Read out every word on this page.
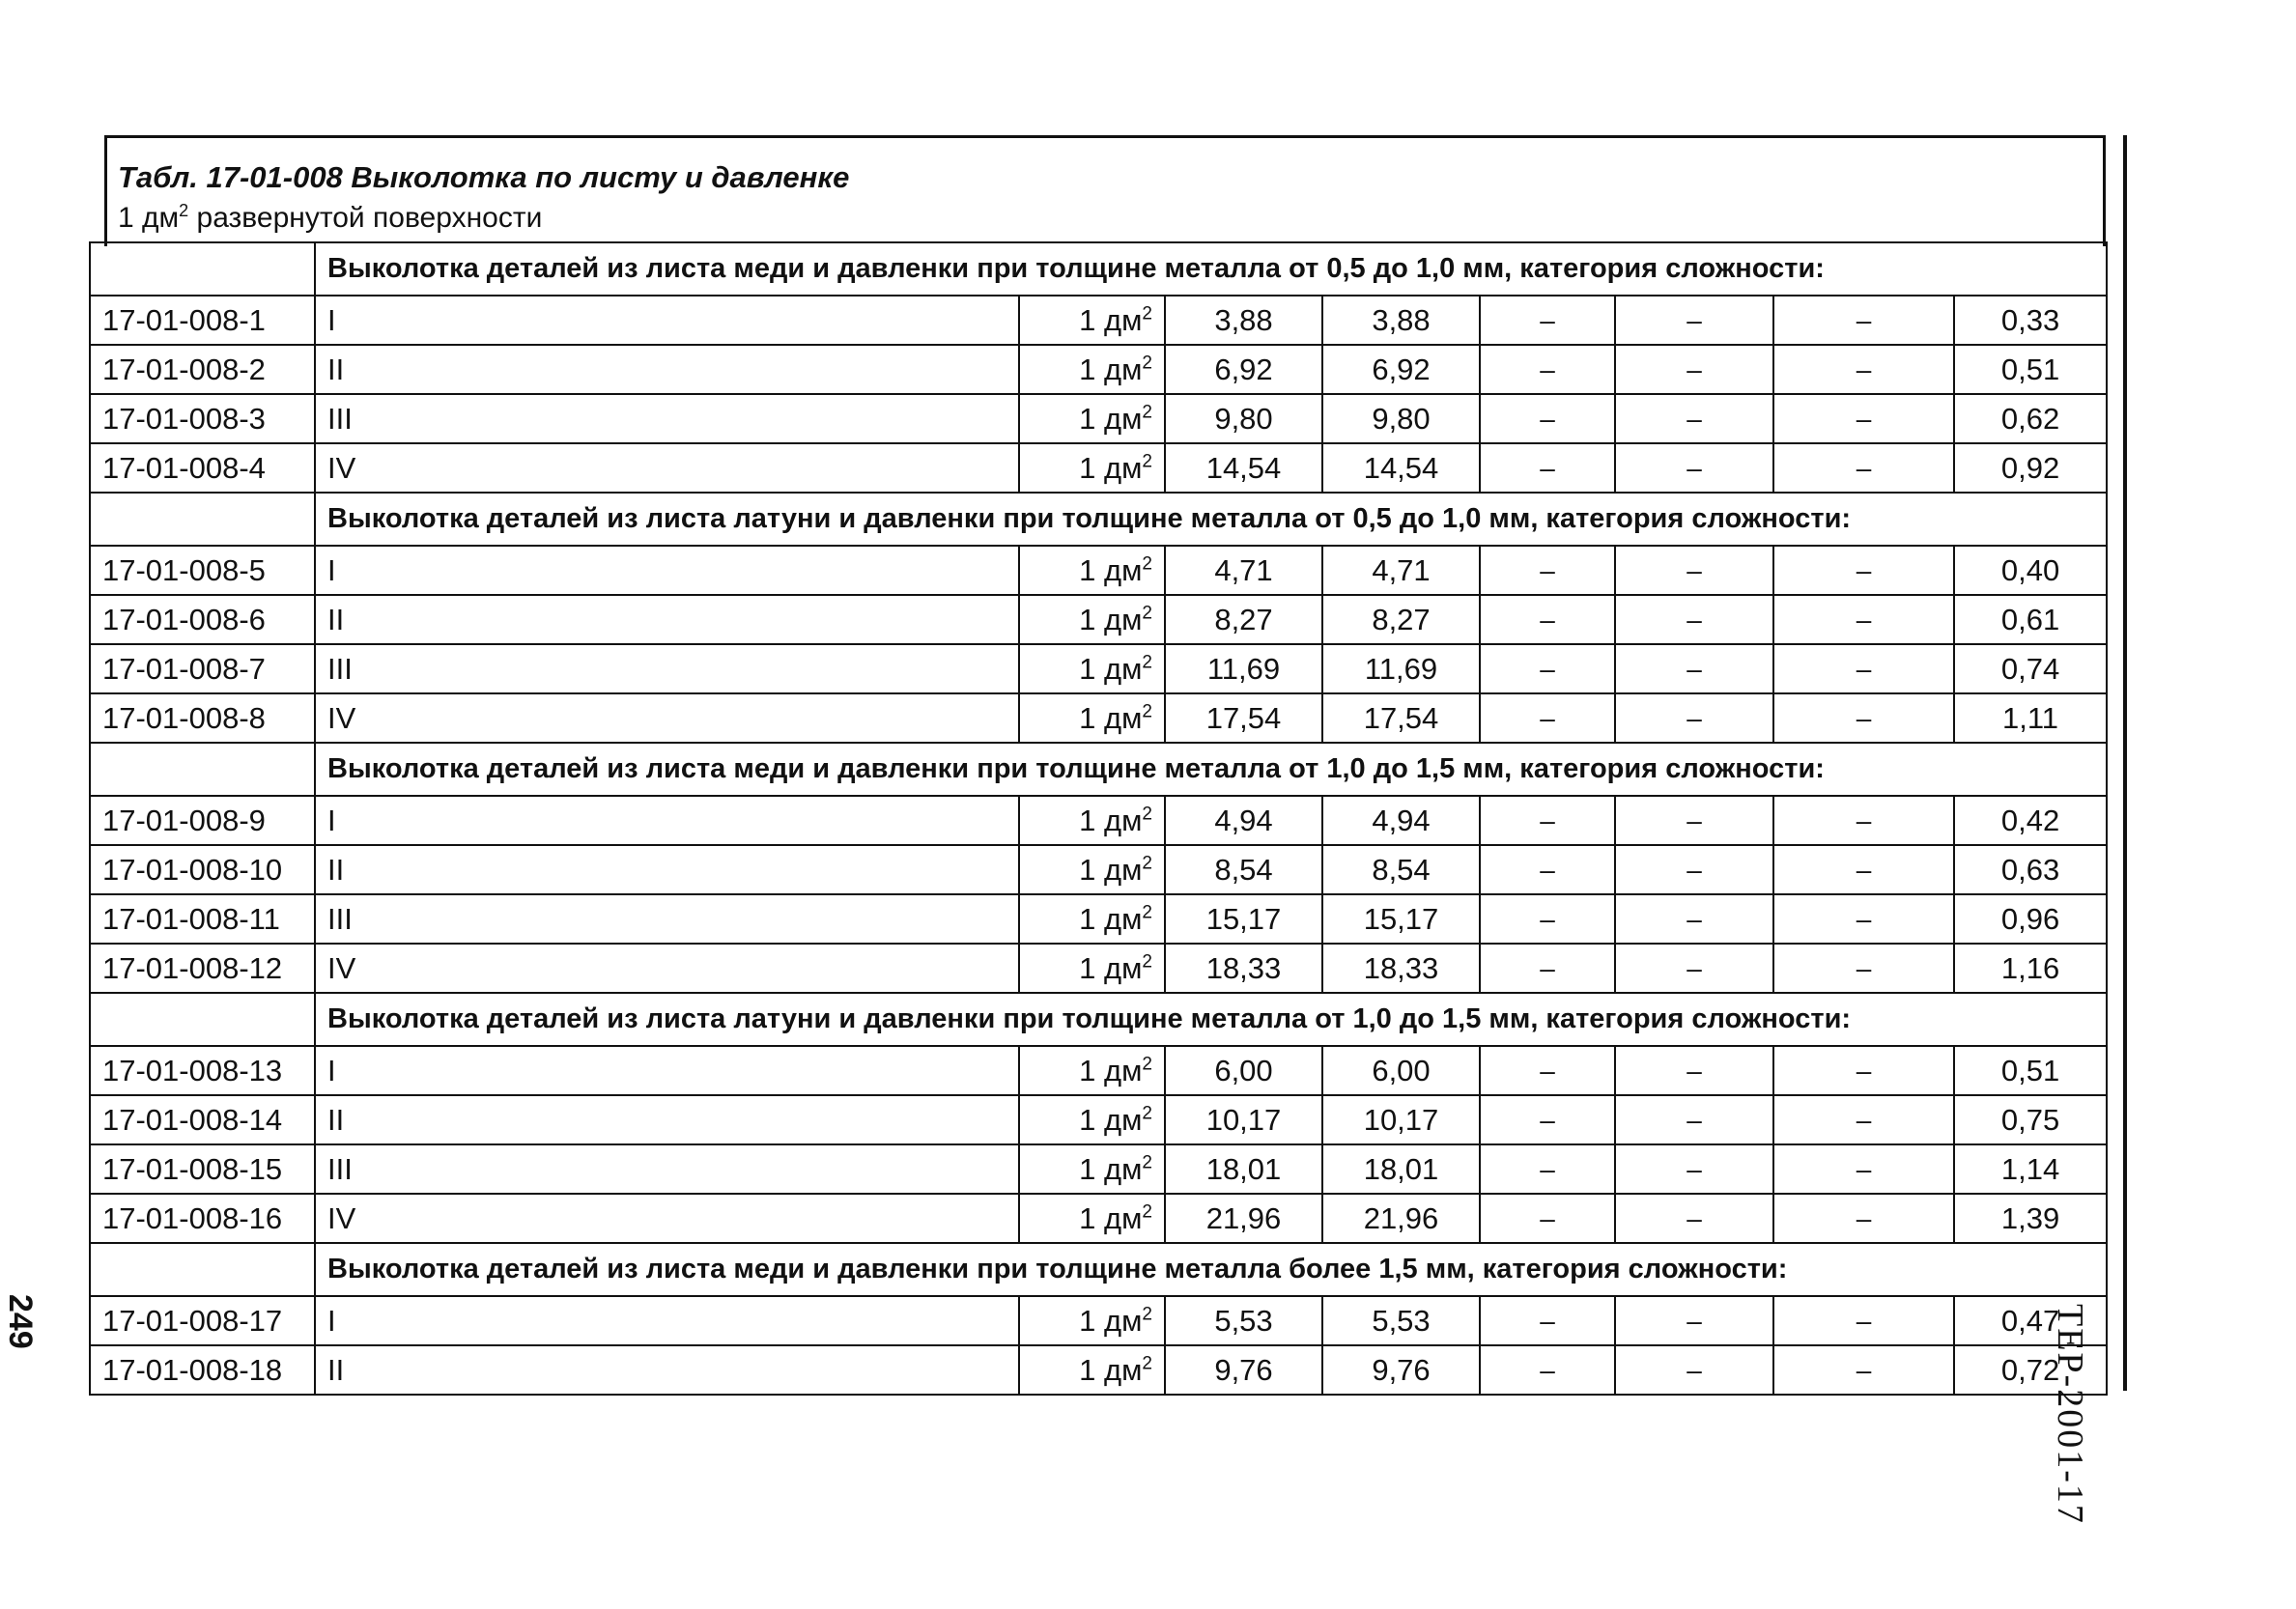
Табл. 17-01-008 Выколотка по листу и давленке
1 $дм^2$ развернутой поверхности
	Выколотка деталей из листа меди и давленки при толщине металла от 0,5 до 1,0 мм, категория сложности:							
17-01-008-1	I	1 $дм^2$	3,88	3,88	–	–	–	0,33
17-01-008-2	II	1 $дм^2$	6,92	6,92	–	–	–	0,51
17-01-008-3	III	1 $дм^2$	9,80	9,80	–	–	–	0,62
17-01-008-4	IV	1 $дм^2$	14,54	14,54	–	–	–	0,92
	Выколотка деталей из листа латуни и давленки при толщине металла от 0,5 до 1,0 мм, категория сложности:							
17-01-008-5	I	1 $дм^2$	4,71	4,71	–	–	–	0,40
17-01-008-6	II	1 $дм^2$	8,27	8,27	–	–	–	0,61
17-01-008-7	III	1 $дм^2$	11,69	11,69	–	–	–	0,74
17-01-008-8	IV	1 $дм^2$	17,54	17,54	–	–	–	1,11
	Выколотка деталей из листа меди и давленки при толщине металла от 1,0 до 1,5 мм, категория сложности:							
17-01-008-9	I	1 $дм^2$	4,94	4,94	–	–	–	0,42
17-01-008-10	II	1 $дм^2$	8,54	8,54	–	–	–	0,63
17-01-008-11	III	1 $дм^2$	15,17	15,17	–	–	–	0,96
17-01-008-12	IV	1 $дм^2$	18,33	18,33	–	–	–	1,16
	Выколотка деталей из листа латуни и давленки при толщине металла от 1,0 до 1,5 мм, категория сложности:							
17-01-008-13	I	1 $дм^2$	6,00	6,00	–	–	–	0,51
17-01-008-14	II	1 $дм^2$	10,17	10,17	–	–	–	0,75
17-01-008-15	III	1 $дм^2$	18,01	18,01	–	–	–	1,14
17-01-008-16	IV	1 $дм^2$	21,96	21,96	–	–	–	1,39
	Выколотка деталей из листа меди и давленки при толщине металла более 1,5 мм, категория сложности:							
17-01-008-17	I	1 $дм^2$	5,53	5,53	–	–	–	0,47
17-01-008-18	II	1 $дм^2$	9,76	9,76	–	–	–	0,72
ТЕР-2001-17
249
